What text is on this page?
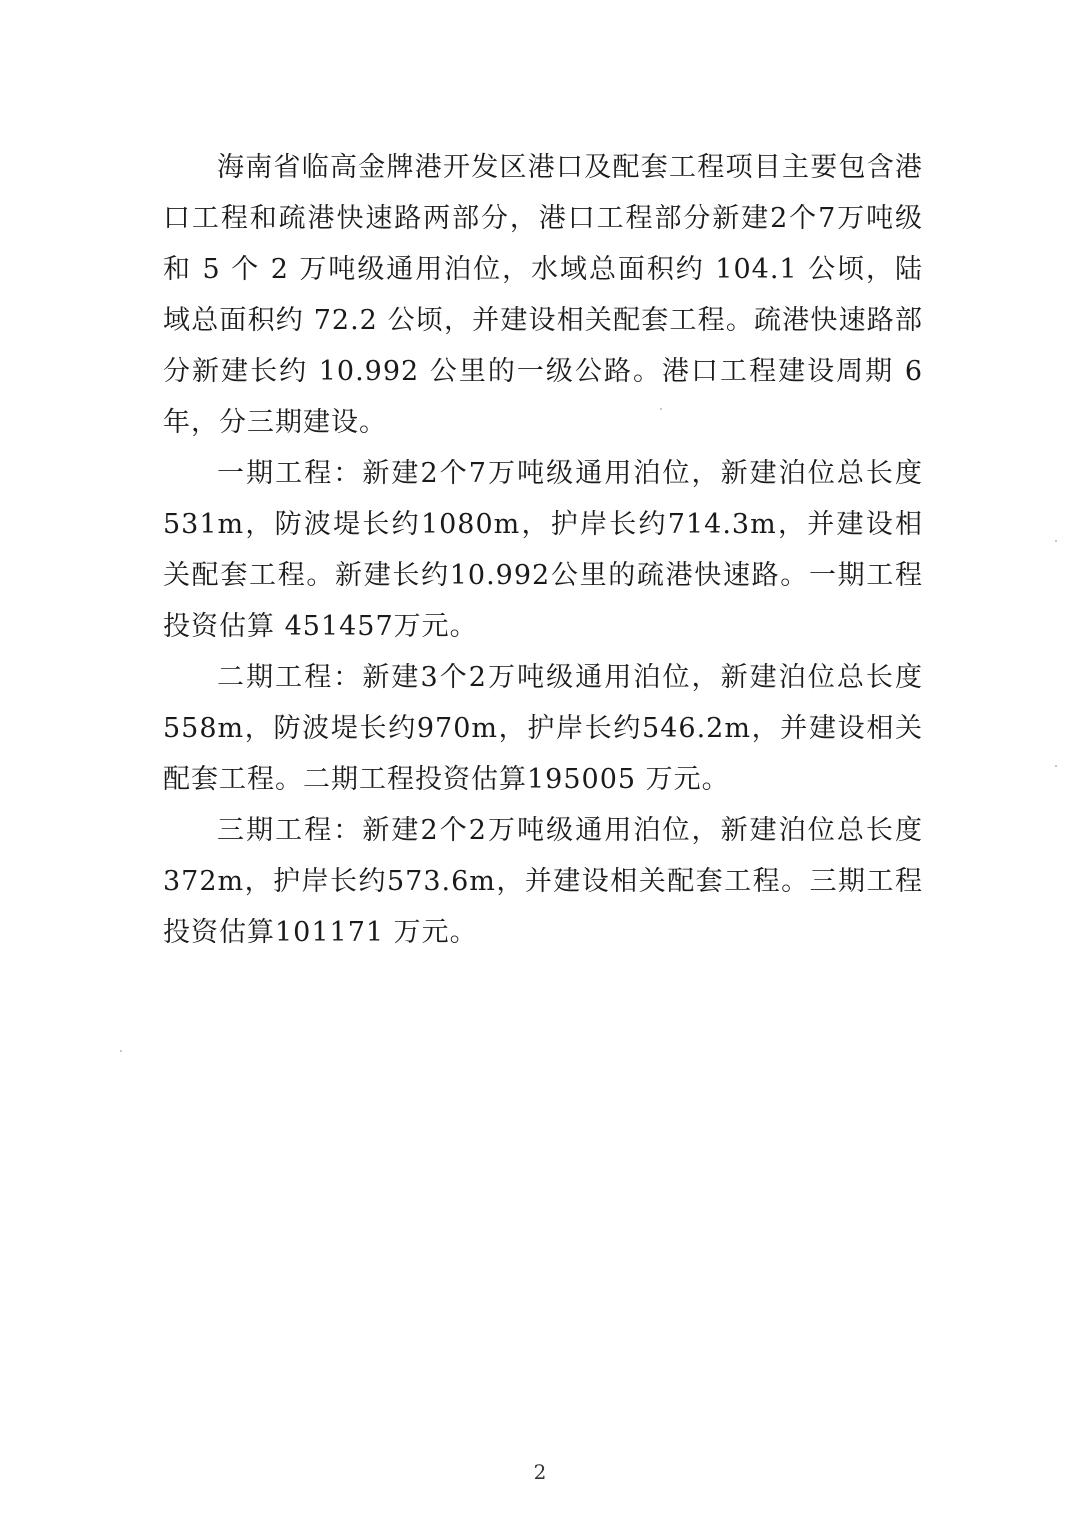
海南省临高金牌港开发区港口及配套工程项目主要包含港口工程和疏港快速路两部分，港口工程部分新建2个7万吨级和 5 个 2 万吨级通用泊位，水域总面积约 104.1 公顷，陆域总面积约 72.2 公顷，并建设相关配套工程。疏港快速路部分新建长约 10.992 公里的一级公路。港口工程建设周期 6 年，分三期建设。

一期工程：新建2个7万吨级通用泊位，新建泊位总长度 531m，防波堤长约1080m，护岸长约714.3m，并建设相关配套工程。新建长约10.992公里的疏港快速路。一期工程投资估算 451457万元。

二期工程：新建3个2万吨级通用泊位，新建泊位总长度558m，防波堤长约970m，护岸长约546.2m，并建设相关配套工程。二期工程投资估算195005 万元。

三期工程：新建2个2万吨级通用泊位，新建泊位总长度372m，护岸长约573.6m，并建设相关配套工程。三期工程投资估算101171 万元。

2
